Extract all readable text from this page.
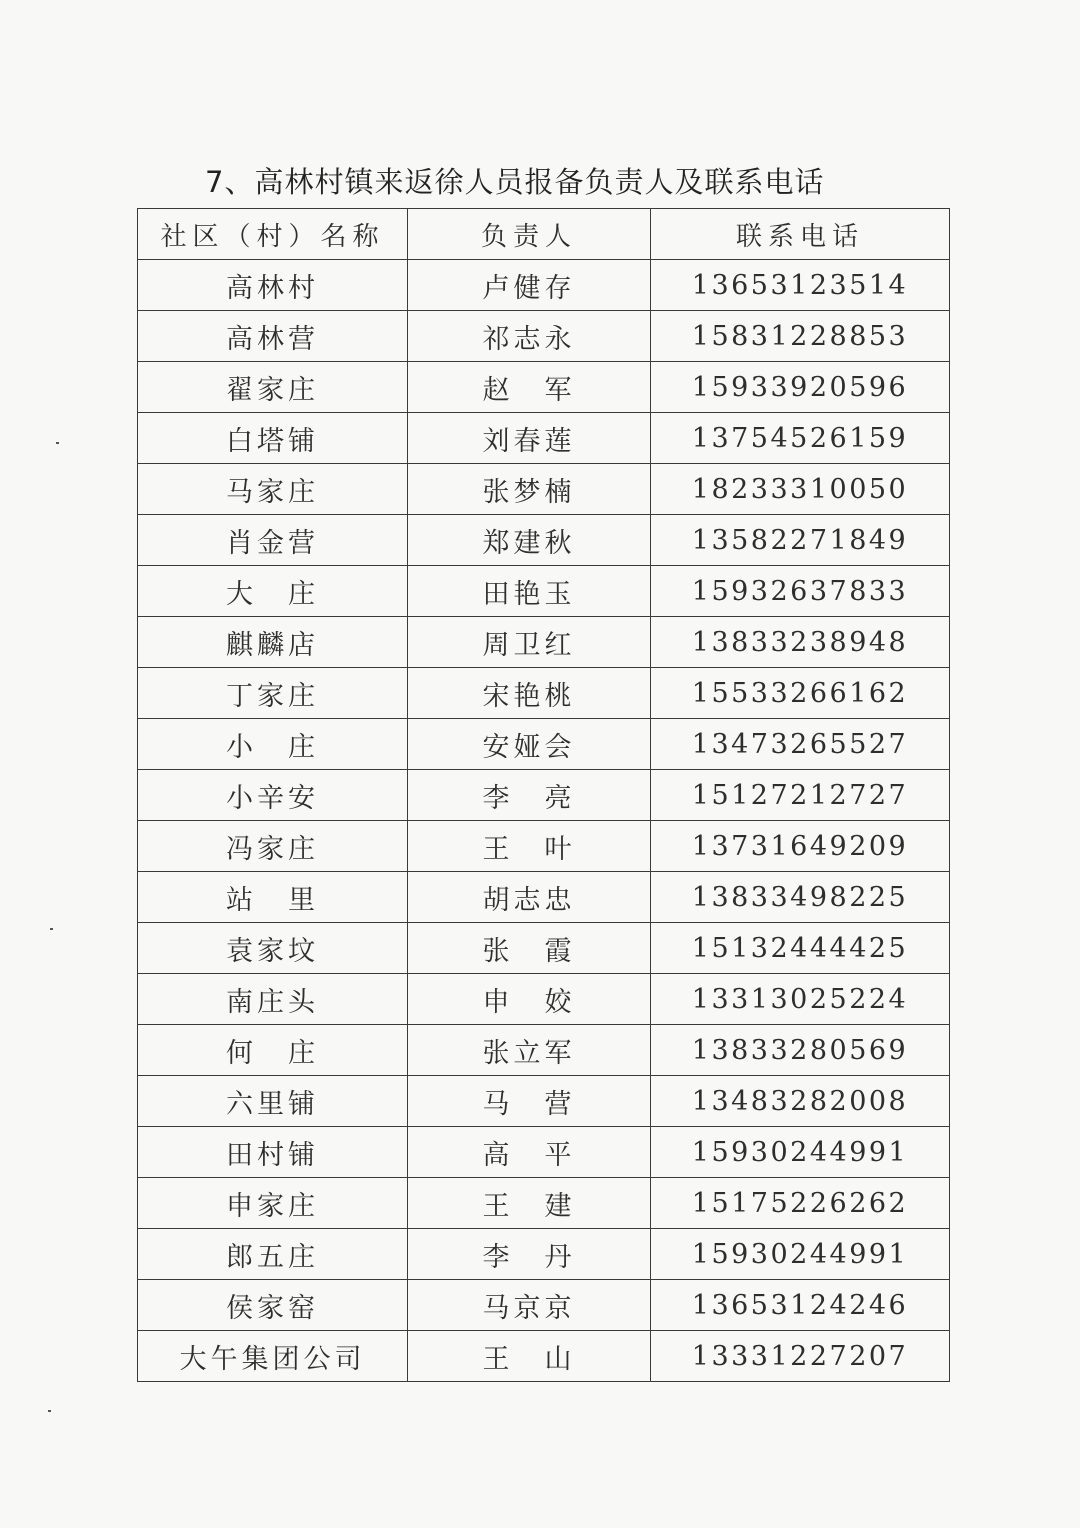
7、高林村镇来返徐人员报备负责人及联系电话
社区（村）名称	负责人	联系电话
高林村	卢健存	13653123514
高林营	祁志永	15831228853
翟家庄	赵　军	15933920596
白塔铺	刘春莲	13754526159
马家庄	张梦楠	18233310050
肖金营	郑建秋	13582271849
大　庄	田艳玉	15932637833
麒麟店	周卫红	13833238948
丁家庄	宋艳桃	15533266162
小　庄	安娅会	13473265527
小辛安	李　亮	15127212727
冯家庄	王　叶	13731649209
站　里	胡志忠	13833498225
袁家坟	张　霞	15132444425
南庄头	申　姣	13313025224
何　庄	张立军	13833280569
六里铺	马　营	13483282008
田村铺	高　平	15930244991
申家庄	王　建	15175226262
郎五庄	李　丹	15930244991
侯家窑	马京京	13653124246
大午集团公司	王　山	13331227207
